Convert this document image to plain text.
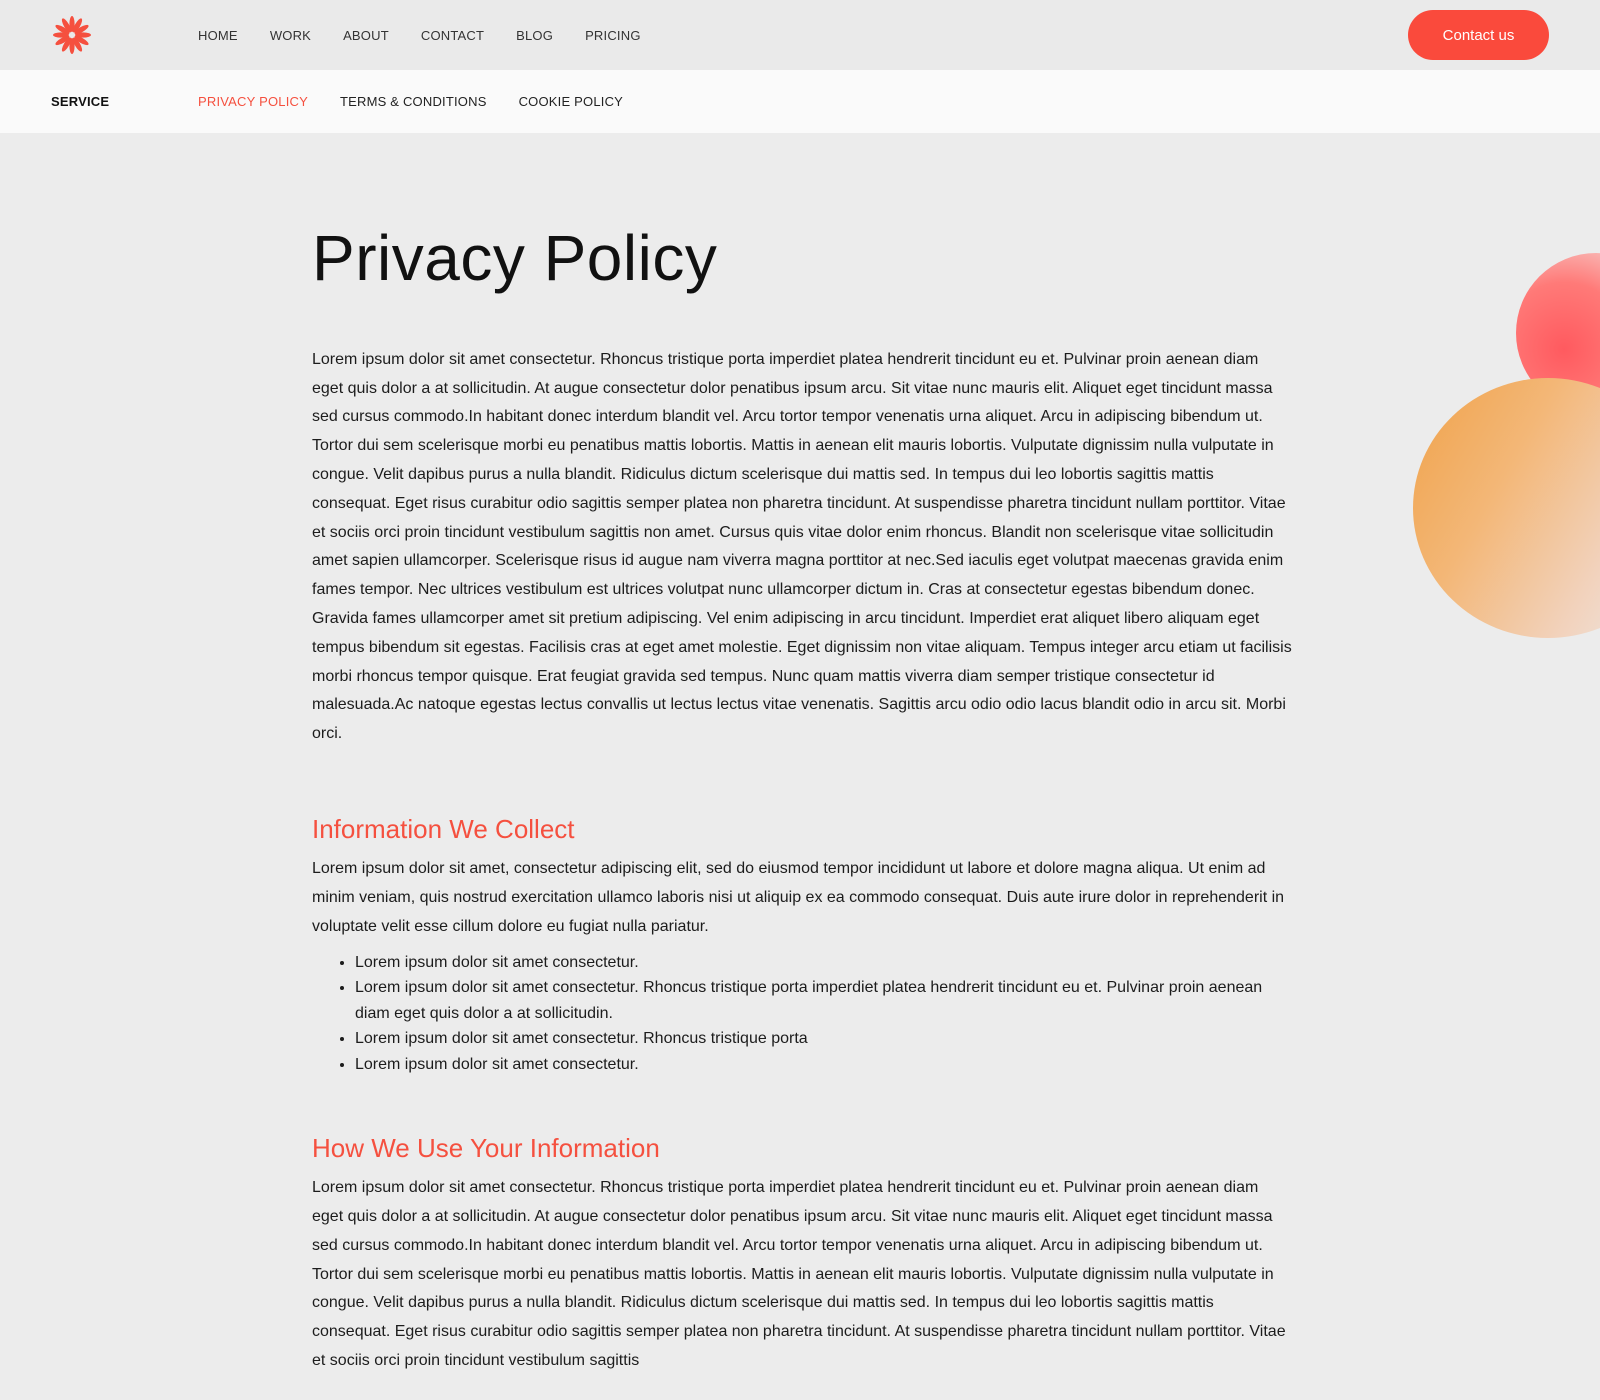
HOME WORK ABOUT CONTACT BLOG PRICING	Contact us
SERVICE	PRIVACY POLICY TERMS & CONDITIONS COOKIE POLICY
Privacy Policy

Lorem ipsum dolor sit amet consectetur. Rhoncus tristique porta imperdiet platea hendrerit tincidunt eu et. Pulvinar proin aenean diam eget quis dolor a at sollicitudin. At augue consectetur dolor penatibus ipsum arcu. Sit vitae nunc mauris elit. Aliquet eget tincidunt massa sed cursus commodo.In habitant donec interdum blandit vel. Arcu tortor tempor venenatis urna aliquet. Arcu in adipiscing bibendum ut. Tortor dui sem scelerisque morbi eu penatibus mattis lobortis. Mattis in aenean elit mauris lobortis. Vulputate dignissim nulla vulputate in congue. Velit dapibus purus a nulla blandit. Ridiculus dictum scelerisque dui mattis sed. In tempus dui leo lobortis sagittis mattis consequat. Eget risus curabitur odio sagittis semper platea non pharetra tincidunt. At suspendisse pharetra tincidunt nullam porttitor. Vitae et sociis orci proin tincidunt vestibulum sagittis non amet. Cursus quis vitae dolor enim rhoncus. Blandit non scelerisque vitae sollicitudin amet sapien ullamcorper. Scelerisque risus id augue nam viverra magna porttitor at nec.Sed iaculis eget volutpat maecenas gravida enim fames tempor. Nec ultrices vestibulum est ultrices volutpat nunc ullamcorper dictum in. Cras at consectetur egestas bibendum donec. Gravida fames ullamcorper amet sit pretium adipiscing. Vel enim adipiscing in arcu tincidunt. Imperdiet erat aliquet libero aliquam eget tempus bibendum sit egestas. Facilisis cras at eget amet molestie. Eget dignissim non vitae aliquam. Tempus integer arcu etiam ut facilisis morbi rhoncus tempor quisque. Erat feugiat gravida sed tempus. Nunc quam mattis viverra diam semper tristique consectetur id malesuada.Ac natoque egestas lectus convallis ut lectus lectus vitae venenatis. Sagittis arcu odio odio lacus blandit odio in arcu sit. Morbi orci.

Information We Collect

Lorem ipsum dolor sit amet, consectetur adipiscing elit, sed do eiusmod tempor incididunt ut labore et dolore magna aliqua. Ut enim ad minim veniam, quis nostrud exercitation ullamco laboris nisi ut aliquip ex ea commodo consequat. Duis aute irure dolor in reprehenderit in voluptate velit esse cillum dolore eu fugiat nulla pariatur.

• Lorem ipsum dolor sit amet consectetur.
• Lorem ipsum dolor sit amet consectetur. Rhoncus tristique porta imperdiet platea hendrerit tincidunt eu et. Pulvinar proin aenean diam eget quis dolor a at sollicitudin.
• Lorem ipsum dolor sit amet consectetur. Rhoncus tristique porta
• Lorem ipsum dolor sit amet consectetur.
How We Use Your Information

Lorem ipsum dolor sit amet consectetur. Rhoncus tristique porta imperdiet platea hendrerit tincidunt eu et. Pulvinar proin aenean diam eget quis dolor a at sollicitudin. At augue consectetur dolor penatibus ipsum arcu. Sit vitae nunc mauris elit. Aliquet eget tincidunt massa sed cursus commodo.In habitant donec interdum blandit vel. Arcu tortor tempor venenatis urna aliquet. Arcu in adipiscing bibendum ut. Tortor dui sem scelerisque morbi eu penatibus mattis lobortis. Mattis in aenean elit mauris lobortis. Vulputate dignissim nulla vulputate in congue. Velit dapibus purus a nulla blandit. Ridiculus dictum scelerisque dui mattis sed. In tempus dui leo lobortis sagittis mattis consequat. Eget risus curabitur odio sagittis semper platea non pharetra tincidunt. At suspendisse pharetra tincidunt nullam porttitor. Vitae et sociis orci proin tincidunt vestibulum sagittis
